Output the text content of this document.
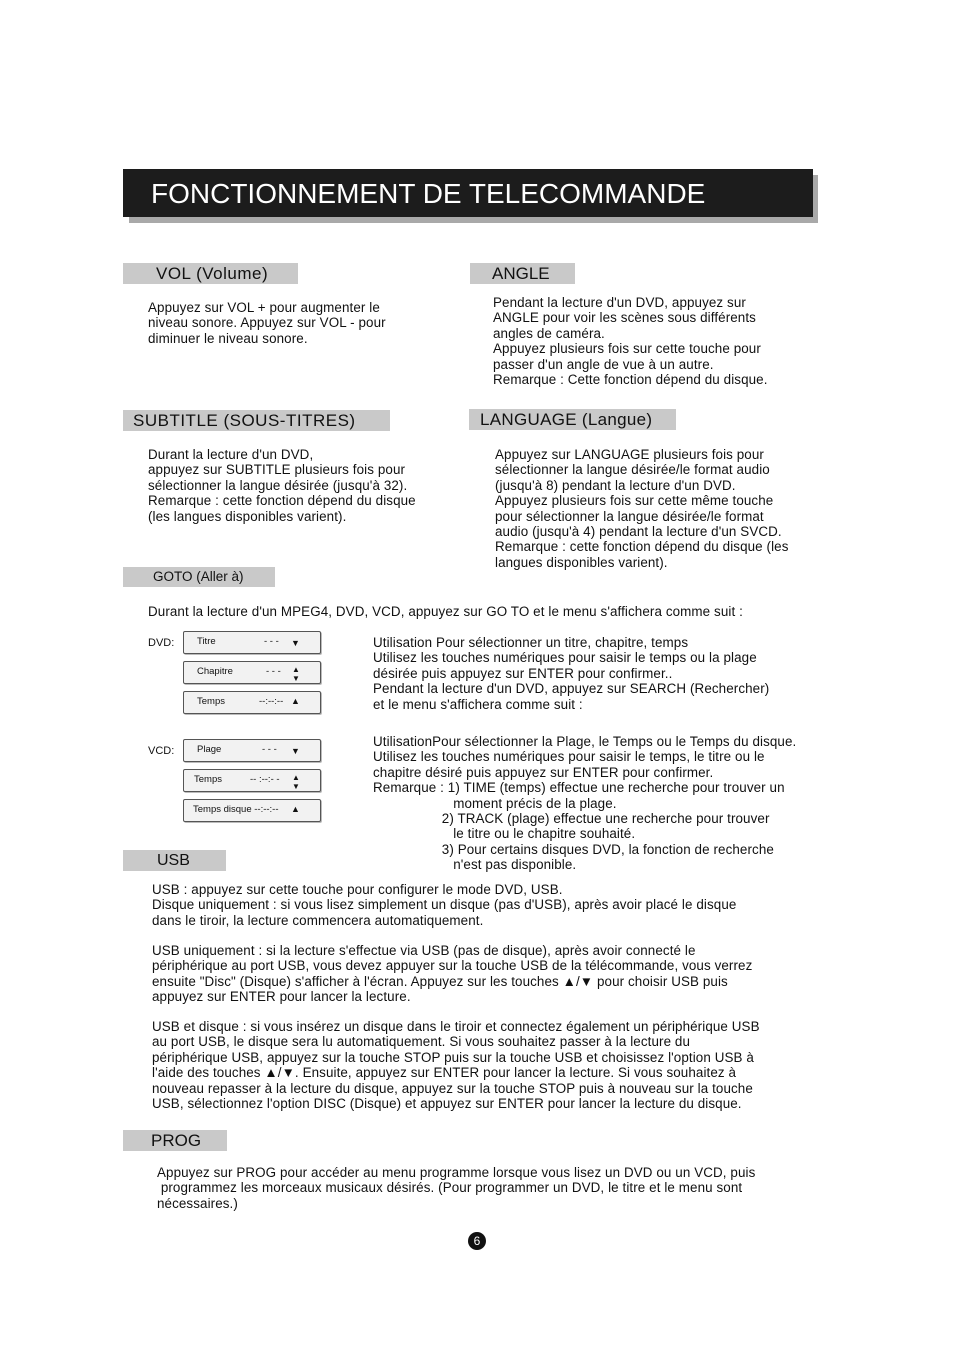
FONCTIONNEMENT DE TELECOMMANDE
VOL (Volume)
Appuyez sur VOL + pour augmenter le
niveau sonore. Appuyez sur VOL - pour
diminuer le niveau sonore.
ANGLE
Pendant la lecture d'un DVD, appuyez sur
ANGLE pour voir les scènes sous différents
angles de caméra.
Appuyez plusieurs fois sur cette touche pour
passer d'un angle de vue à un autre.
Remarque : Cette fonction dépend du disque.
SUBTITLE (SOUS-TITRES)
Durant la lecture d'un DVD,
appuyez sur SUBTITLE plusieurs fois pour
sélectionner la langue désirée (jusqu'à 32).
Remarque : cette fonction dépend du disque
(les langues disponibles varient).
LANGUAGE (Langue)
Appuyez sur LANGUAGE plusieurs fois pour
sélectionner la langue désirée/le format audio
(jusqu'à 8) pendant la lecture d'un DVD.
Appuyez plusieurs fois sur cette même touche
pour sélectionner la langue désirée/le format
audio (jusqu'à 4) pendant la lecture d'un SVCD.
Remarque : cette fonction dépend du disque (les
langues disponibles varient).
GOTO (Aller à)
Durant la lecture d'un MPEG4, DVD, VCD, appuyez sur GO TO et le menu s'affichera comme suit :
DVD: Titre	- - - ▼
Chapitre	- - - ▲▼
Temps	--:--:-- ▲
Utilisation Pour sélectionner un titre, chapitre, temps
Utilisez les touches numériques pour saisir le temps ou la plage
désirée puis appuyez sur ENTER pour confirmer..
Pendant la lecture d'un DVD, appuyez sur SEARCH (Rechercher)
et le menu s'affichera comme suit :
VCD: Plage	- - - ▼
Temps	-- :--:- - ▲▼
Temps disque --:--:-- ▲
UtilisationPour sélectionner la Plage, le Temps ou le Temps du disque.
Utilisez les touches numériques pour saisir le temps, le titre ou le
chapitre désiré puis appuyez sur ENTER pour confirmer.
Remarque : 1) TIME (temps) effectue une recherche pour trouver un
moment précis de la plage.
2) TRACK (plage) effectue une recherche pour trouver
le titre ou le chapitre souhaité.
3) Pour certains disques DVD, la fonction de recherche
n'est pas disponible.
USB
USB : appuyez sur cette touche pour configurer le mode DVD, USB.
Disque uniquement : si vous lisez simplement un disque (pas d'USB), après avoir placé le disque
dans le tiroir, la lecture commencera automatiquement.
USB uniquement : si la lecture s'effectue via USB (pas de disque), après avoir connecté le
périphérique au port USB, vous devez appuyer sur la touche USB de la télécommande, vous verrez
ensuite "Disc" (Disque) s'afficher à l'écran. Appuyez sur les touches ▲/▼ pour choisir USB puis
appuyez sur ENTER pour lancer la lecture.
USB et disque : si vous insérez un disque dans le tiroir et connectez également un périphérique USB
au port USB, le disque sera lu automatiquement. Si vous souhaitez passer à la lecture du
périphérique USB, appuyez sur la touche STOP puis sur la touche USB et choisissez l'option USB à
l'aide des touches ▲/▼. Ensuite, appuyez sur ENTER pour lancer la lecture. Si vous souhaitez à
nouveau repasser à la lecture du disque, appuyez sur la touche STOP puis à nouveau sur la touche
USB, sélectionnez l'option DISC (Disque) et appuyez sur ENTER pour lancer la lecture du disque.
PROG
Appuyez sur PROG pour accéder au menu programme lorsque vous lisez un DVD ou un VCD, puis
programmez les morceaux musicaux désirés. (Pour programmer un DVD, le titre et le menu sont
nécessaires.)
6
